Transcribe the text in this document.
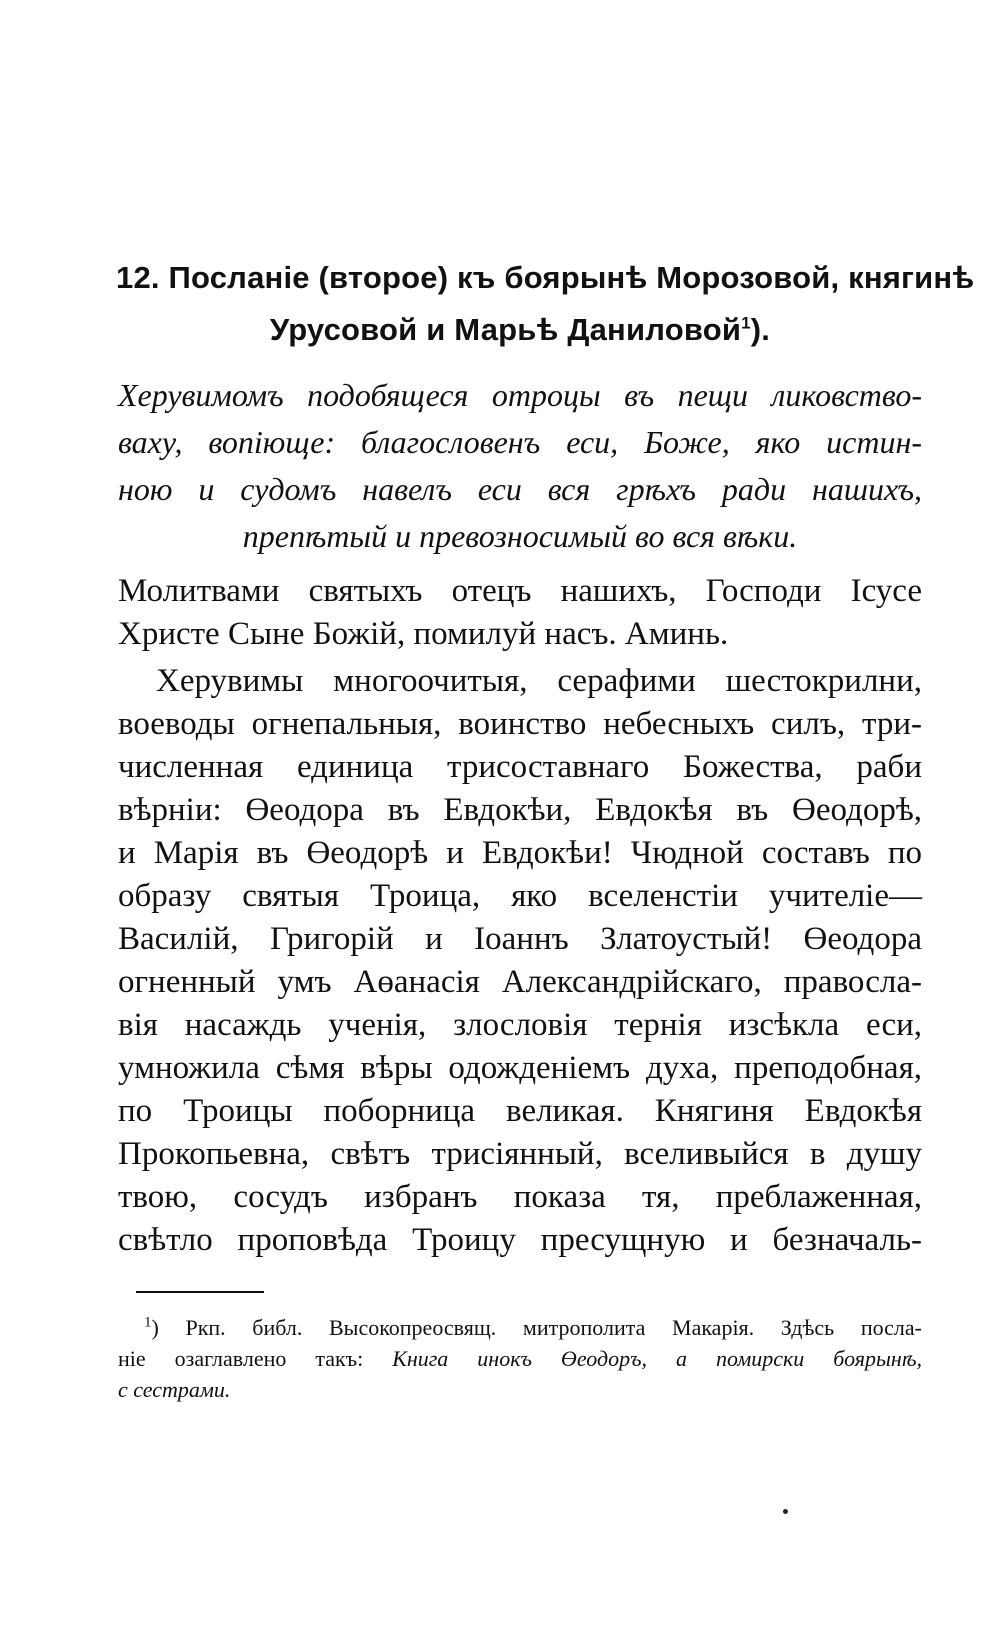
12. Посланіе (второе) къ боярынѣ Морозовой, княгинѣ
Урусовой и Марьѣ Даниловой$^1$).
Херувимомъ подобящеся отроцы въ пещи ликовство-
ваху, вопіюще: благословенъ еси, Боже, яко истин-
ною и судомъ навелъ еси вся грѣхъ ради нашихъ,
препѣтый и превозносимый во вся вѣки.
Молитвами святыхъ отецъ нашихъ, Господи Ісусе
Христе Сыне Божій, помилуй насъ. Аминь.
Херувимы многоочитыя, серафими шестокрилни,
воеводы огнепальныя, воинство небесныхъ силъ, три-
численная единица трисоставнаго Божества, раби
вѣрніи: Өеодора въ Евдокѣи, Евдокѣя въ Өеодорѣ,
и Марія въ Өеодорѣ и Евдокѣи! Чюдной составъ по
образу святыя Троица, яко вселенстіи учителіе—
Василій, Григорій и Іоаннъ Златоустый! Өеодора
огненный умъ Аөанасія Александрійскаго, правосла-
вія насаждь ученія, злословія тернія изсѣкла еси,
умножила сѣмя вѣры одожденіемъ духа, преподобная,
по Троицы поборница великая. Княгиня Евдокѣя
Прокопьевна, свѣтъ трисіянный, вселивыйся в душу
твою, сосудъ избранъ показа тя, преблаженная,
свѣтло проповѣда Троицу пресущную и безначаль-
$^1$) Ркп. библ. Высокопреосвящ. митрополита Макарія. Здѣсь посла-
ніе озаглавлено такъ: Книга инокъ Өеодоръ, а помирски боярынѣ,
с сестрами.
